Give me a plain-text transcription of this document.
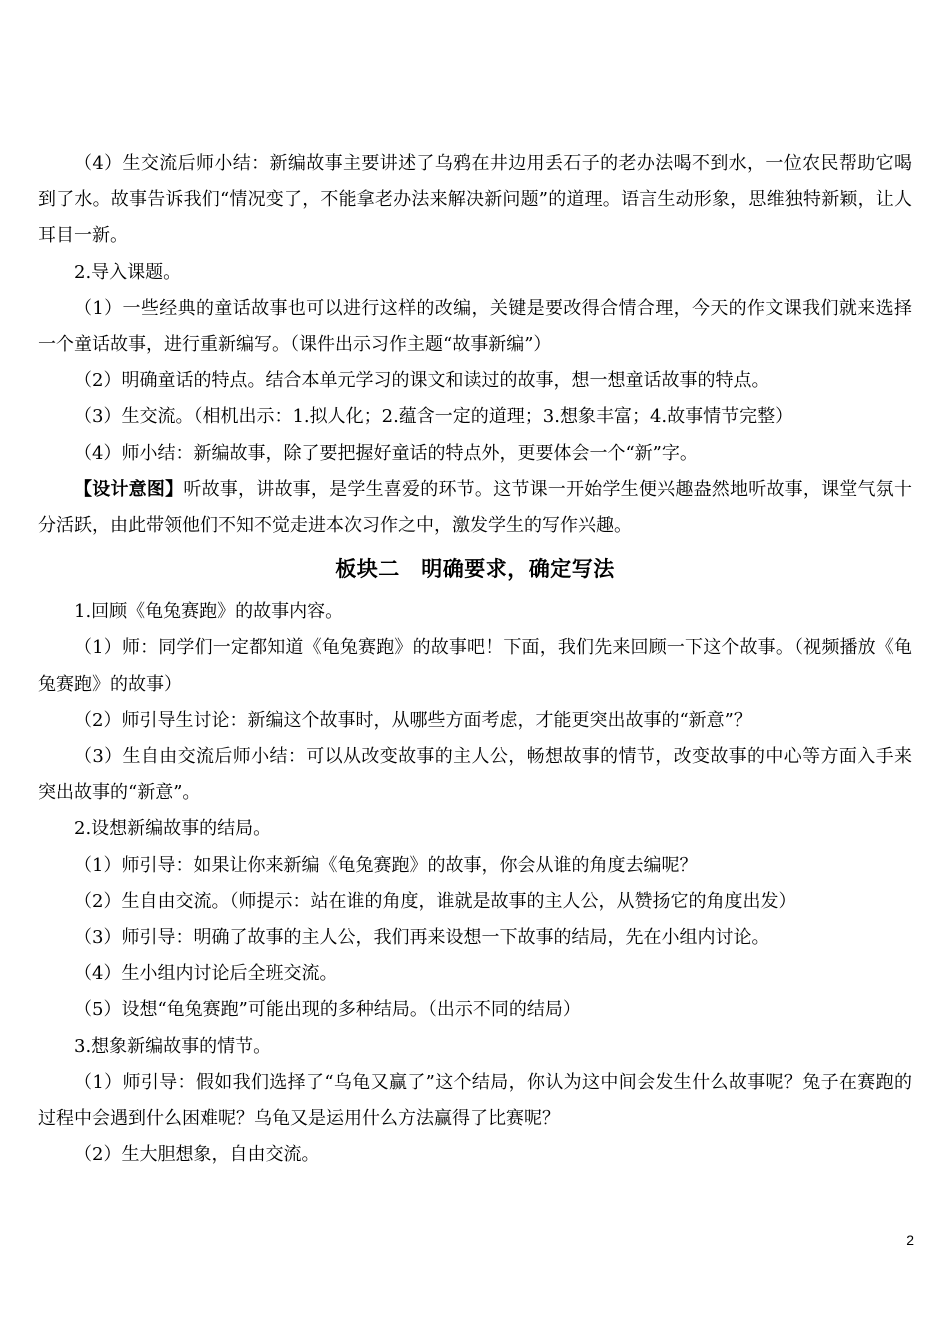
（4）生交流后师小结：新编故事主要讲述了乌鸦在井边用丢石子的老办法喝不到水，一位农民帮助它喝到了水。故事告诉我们“情况变了，不能拿老办法来解决新问题”的道理。语言生动形象，思维独特新颖，让人耳目一新。

2.导入课题。

（1）一些经典的童话故事也可以进行这样的改编，关键是要改得合情合理，今天的作文课我们就来选择一个童话故事，进行重新编写。（课件出示习作主题“故事新编”）

（2）明确童话的特点。结合本单元学习的课文和读过的故事，想一想童话故事的特点。

（3）生交流。（相机出示：1.拟人化；2.蕴含一定的道理；3.想象丰富；4.故事情节完整）

（4）师小结：新编故事，除了要把握好童话的特点外，更要体会一个“新”字。

【设计意图】听故事，讲故事，是学生喜爱的环节。这节课一开始学生便兴趣盎然地听故事，课堂气氛十分活跃，由此带领他们不知不觉走进本次习作之中，激发学生的写作兴趣。

板块二　明确要求，确定写法

1.回顾《龟兔赛跑》的故事内容。

（1）师：同学们一定都知道《龟兔赛跑》的故事吧！下面，我们先来回顾一下这个故事。（视频播放《龟兔赛跑》的故事）

（2）师引导生讨论：新编这个故事时，从哪些方面考虑，才能更突出故事的“新意”？

（3）生自由交流后师小结：可以从改变故事的主人公，畅想故事的情节，改变故事的中心等方面入手来突出故事的“新意”。

2.设想新编故事的结局。

（1）师引导：如果让你来新编《龟兔赛跑》的故事，你会从谁的角度去编呢？

（2）生自由交流。（师提示：站在谁的角度，谁就是故事的主人公，从赞扬它的角度出发）

（3）师引导：明确了故事的主人公，我们再来设想一下故事的结局，先在小组内讨论。

（4）生小组内讨论后全班交流。

（5）设想“龟兔赛跑”可能出现的多种结局。（出示不同的结局）

3.想象新编故事的情节。

（1）师引导：假如我们选择了“乌龟又赢了”这个结局，你认为这中间会发生什么故事呢？兔子在赛跑的过程中会遇到什么困难呢？乌龟又是运用什么方法赢得了比赛呢？

（2）生大胆想象，自由交流。

2
